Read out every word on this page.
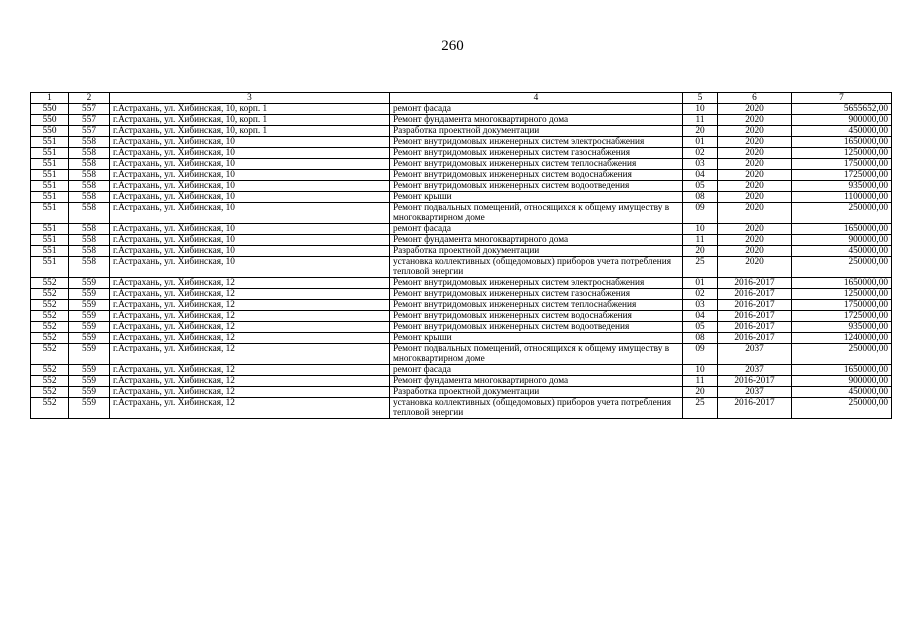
260
1	2	3	4	5	6	7
550	557	г.Астрахань, ул. Хибинская, 10, корп. 1	ремонт фасада	10	2020	5655652,00
550	557	г.Астрахань, ул. Хибинская, 10, корп. 1	Ремонт фундамента многоквартирного дома	11	2020	900000,00
550	557	г.Астрахань, ул. Хибинская, 10, корп. 1	Разработка проектной документации	20	2020	450000,00
551	558	г.Астрахань, ул. Хибинская, 10	Ремонт внутридомовых инженерных систем электроснабжения	01	2020	1650000,00
551	558	г.Астрахань, ул. Хибинская, 10	Ремонт внутридомовых инженерных систем газоснабжения	02	2020	1250000,00
551	558	г.Астрахань, ул. Хибинская, 10	Ремонт внутридомовых инженерных систем теплоснабжения	03	2020	1750000,00
551	558	г.Астрахань, ул. Хибинская, 10	Ремонт внутридомовых инженерных систем водоснабжения	04	2020	1725000,00
551	558	г.Астрахань, ул. Хибинская, 10	Ремонт внутридомовых инженерных систем водоотведения	05	2020	935000,00
551	558	г.Астрахань, ул. Хибинская, 10	Ремонт крыши	08	2020	1100000,00
551	558	г.Астрахань, ул. Хибинская, 10	Ремонт подвальных помещений, относящихся к общему имуществу в многоквартирном доме	09	2020	250000,00
551	558	г.Астрахань, ул. Хибинская, 10	ремонт фасада	10	2020	1650000,00
551	558	г.Астрахань, ул. Хибинская, 10	Ремонт фундамента многоквартирного дома	11	2020	900000,00
551	558	г.Астрахань, ул. Хибинская, 10	Разработка проектной документации	20	2020	450000,00
551	558	г.Астрахань, ул. Хибинская, 10	установка коллективных (общедомовых) приборов учета потребления тепловой энергии	25	2020	250000,00
552	559	г.Астрахань, ул. Хибинская, 12	Ремонт внутридомовых инженерных систем электроснабжения	01	2016-2017	1650000,00
552	559	г.Астрахань, ул. Хибинская, 12	Ремонт внутридомовых инженерных систем газоснабжения	02	2016-2017	1250000,00
552	559	г.Астрахань, ул. Хибинская, 12	Ремонт внутридомовых инженерных систем теплоснабжения	03	2016-2017	1750000,00
552	559	г.Астрахань, ул. Хибинская, 12	Ремонт внутридомовых инженерных систем водоснабжения	04	2016-2017	1725000,00
552	559	г.Астрахань, ул. Хибинская, 12	Ремонт внутридомовых инженерных систем водоотведения	05	2016-2017	935000,00
552	559	г.Астрахань, ул. Хибинская, 12	Ремонт крыши	08	2016-2017	1240000,00
552	559	г.Астрахань, ул. Хибинская, 12	Ремонт подвальных помещений, относящихся к общему имуществу в многоквартирном доме	09	2037	250000,00
552	559	г.Астрахань, ул. Хибинская, 12	ремонт фасада	10	2037	1650000,00
552	559	г.Астрахань, ул. Хибинская, 12	Ремонт фундамента многоквартирного дома	11	2016-2017	900000,00
552	559	г.Астрахань, ул. Хибинская, 12	Разработка проектной документации	20	2037	450000,00
552	559	г.Астрахань, ул. Хибинская, 12	установка коллективных (общедомовых) приборов учета потребления тепловой энергии	25	2016-2017	250000,00
